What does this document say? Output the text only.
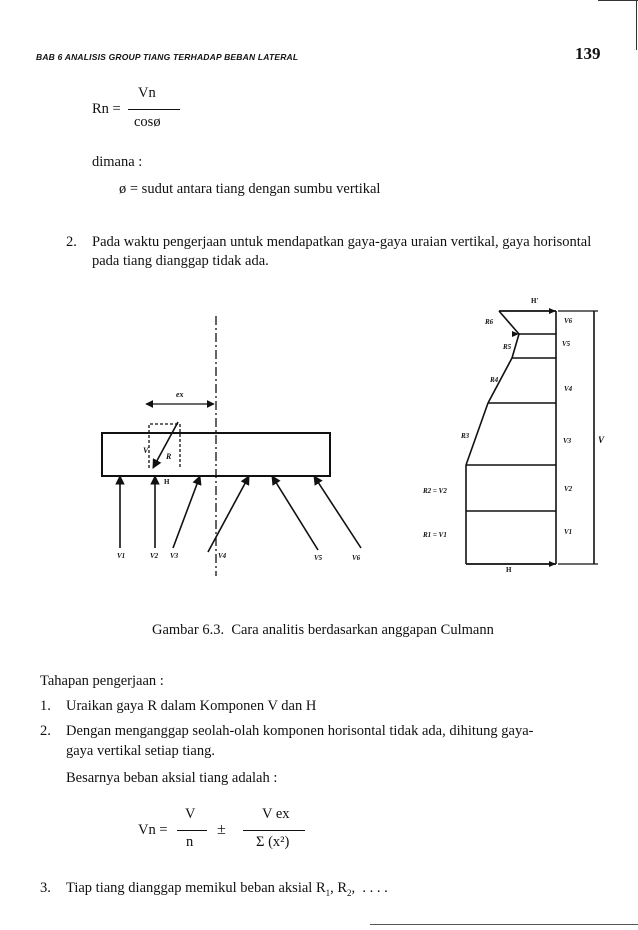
BAB 6 ANALISIS GROUP TIANG TERHADAP BEBAN LATERAL	139
Rn =
Vn
cosø
dimana :
ø = sudut antara tiang dengan sumbu vertikal
2. Pada waktu pengerjaan untuk mendapatkan gaya-gaya uraian vertikal, gaya horisontal
pada tiang dianggap tidak ada.
ex
R
V
H
V1	V2 V3	V4	V5	V6
H'
R6
R5
R4
R3
R2 = V2
R1 = V1
V6
V5
V4
V3
V2
V1
H
V
Gambar 6.3.  Cara analitis berdasarkan anggapan Culmann
Tahapan pengerjaan :
1. Uraikan gaya R dalam Komponen V dan H
2. Dengan menganggap seolah-olah komponen horisontal tidak ada, dihitung gaya-
gaya vertikal setiap tiang.
Besarnya beban aksial tiang adalah :
Vn =
V
n
±
V ex
Σ (x²)
3. Tiap tiang dianggap memikul beban aksial $R_1$, $R_2$,  . . . .
